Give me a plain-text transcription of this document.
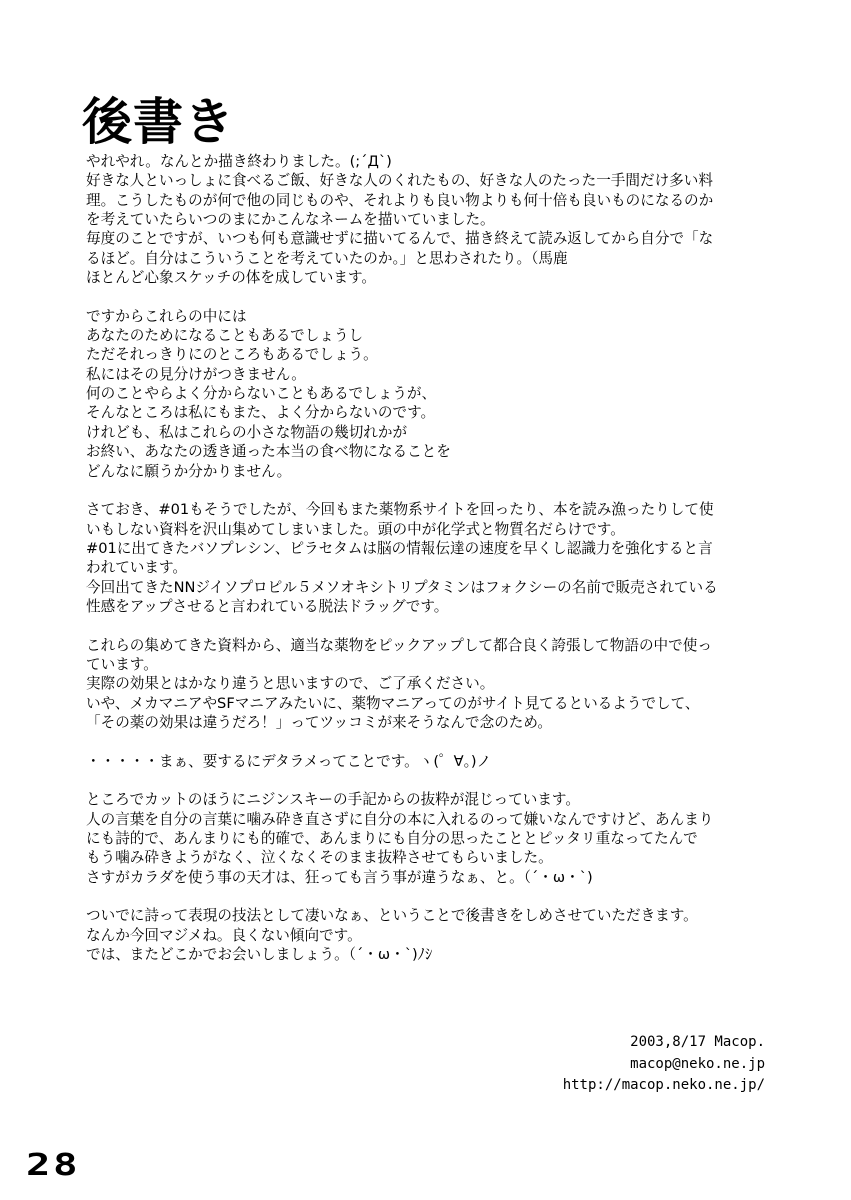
後書き
やれやれ。なんとか描き終わりました。(;´Д`)
好きな人といっしょに食べるご飯、好きな人のくれたもの、好きな人のたった一手間だけ多い料
理。こうしたものが何で他の同じものや、それよりも良い物よりも何十倍も良いものになるのか
を考えていたらいつのまにかこんなネームを描いていました。
毎度のことですが、いつも何も意識せずに描いてるんで、描き終えて読み返してから自分で「な
るほど。自分はこういうことを考えていたのか。」と思わされたり。（馬鹿
ほとんど心象スケッチの体を成しています。
ですからこれらの中には
あなたのためになることもあるでしょうし
ただそれっきりにのところもあるでしょう。
私にはその見分けがつきません。
何のことやらよく分からないこともあるでしょうが、
そんなところは私にもまた、よく分からないのです。
けれども、私はこれらの小さな物語の幾切れかが
お終い、あなたの透き通った本当の食べ物になることを
どんなに願うか分かりません。
さておき、#01もそうでしたが、今回もまた薬物系サイトを回ったり、本を読み漁ったりして使
いもしない資料を沢山集めてしまいました。頭の中が化学式と物質名だらけです。
#01に出てきたバソプレシン、ピラセタムは脳の情報伝達の速度を早くし認識力を強化すると言
われています。
今回出てきたNNジイソプロピル５メソオキシトリプタミンはフォクシーの名前で販売されている
性感をアップさせると言われている脱法ドラッグです。
これらの集めてきた資料から、適当な薬物をピックアップして都合良く誇張して物語の中で使っ
ています。
実際の効果とはかなり違うと思いますので、ご了承ください。
いや、メカマニアやSFマニアみたいに、薬物マニアってのがサイト見てるといるようでして、
「その薬の効果は違うだろ！」ってツッコミが来そうなんで念のため。
・・・・・まぁ、要するにデタラメってことです。ヽ(゜∀。)ノ
ところでカットのほうにニジンスキーの手記からの抜粋が混じっています。
人の言葉を自分の言葉に噛み砕き直さずに自分の本に入れるのって嫌いなんですけど、あんまり
にも詩的で、あんまりにも的確で、あんまりにも自分の思ったこととピッタリ重なってたんで
もう噛み砕きようがなく、泣くなくそのまま抜粋させてもらいました。
さすがカラダを使う事の天才は、狂っても言う事が違うなぁ、と。（´・ω・`)
ついでに詩って表現の技法として凄いなぁ、ということで後書きをしめさせていただきます。
なんか今回マジメね。良くない傾向です。
では、またどこかでお会いしましょう。（´・ω・`)ﾉｼ
2003,8/17 Macop.
macop@neko.ne.jp
http://macop.neko.ne.jp/
28
